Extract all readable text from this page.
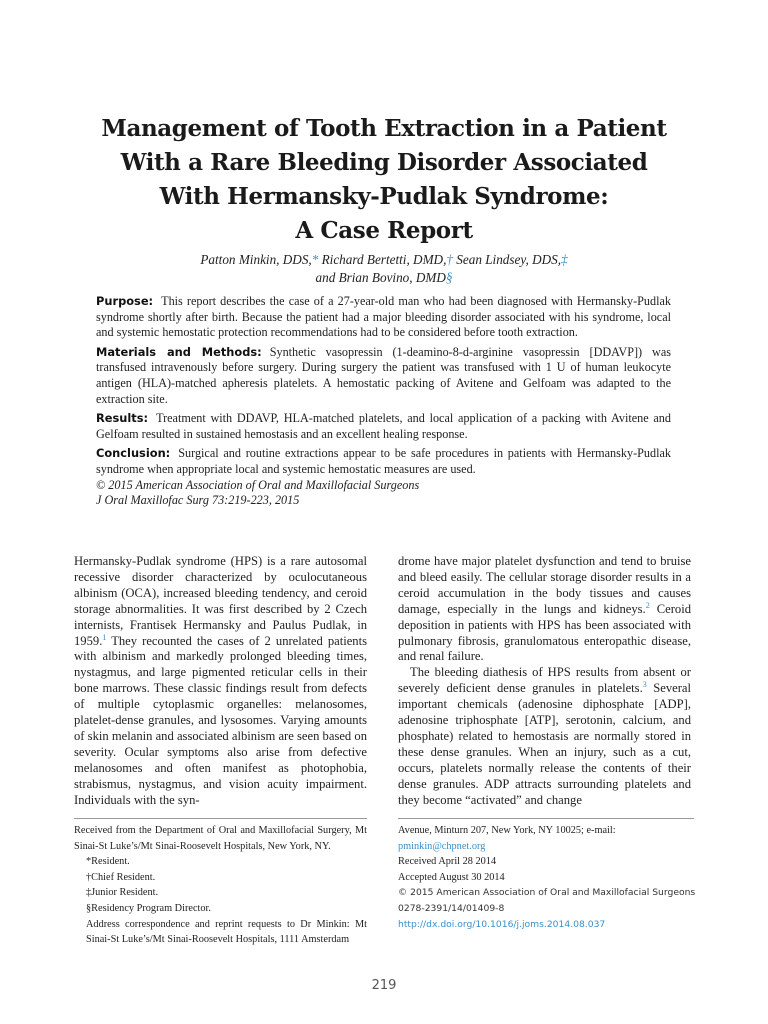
Management of Tooth Extraction in a Patient
With a Rare Bleeding Disorder Associated
With Hermansky-Pudlak Syndrome:
A Case Report
Patton Minkin, DDS,* Richard Bertetti, DMD,† Sean Lindsey, DDS,‡
and Brian Bovino, DMD§

Purpose: This report describes the case of a 27-year-old man who had been diagnosed with Hermansky-Pudlak syndrome shortly after birth. Because the patient had a major bleeding disorder associated with his syndrome, local and systemic hemostatic protection recommendations had to be considered before tooth extraction.

Materials and Methods: Synthetic vasopressin (1-deamino-8-d-arginine vasopressin [DDAVP]) was transfused intravenously before surgery. During surgery the patient was transfused with 1 U of human leukocyte antigen (HLA)-matched apheresis platelets. A hemostatic packing of Avitene and Gelfoam was adapted to the extraction site.

Results: Treatment with DDAVP, HLA-matched platelets, and local application of a packing with Avitene and Gelfoam resulted in sustained hemostasis and an excellent healing response.

Conclusion: Surgical and routine extractions appear to be safe procedures in patients with Hermansky-Pudlak syndrome when appropriate local and systemic hemostatic measures are used.

© 2015 American Association of Oral and Maxillofacial Surgeons
J Oral Maxillofac Surg 73:219-223, 2015

Hermansky-Pudlak syndrome (HPS) is a rare autosomal recessive disorder characterized by oculocutaneous albinism (OCA), increased bleeding tendency, and ceroid storage abnormalities. It was first described by 2 Czech internists, Frantisek Hermansky and Paulus Pudlak, in 1959.$^1$ They recounted the cases of 2 unrelated patients with albinism and markedly prolonged bleeding times, nystagmus, and large pigmented reticular cells in their bone marrows. These classic findings result from defects of multiple cytoplasmic organelles: melanosomes, platelet-dense granules, and lysosomes. Varying amounts of skin melanin and associated albinism are seen based on severity. Ocular symptoms also arise from defective melanosomes and often manifest as photophobia, strabismus, nystagmus, and vision acuity impairment. Individuals with the syn-

drome have major platelet dysfunction and tend to bruise and bleed easily. The cellular storage disorder results in a ceroid accumulation in the body tissues and causes damage, especially in the lungs and kidneys.$^2$ Ceroid deposition in patients with HPS has been associated with pulmonary fibrosis, granulomatous enteropathic disease, and renal failure.

The bleeding diathesis of HPS results from absent or severely deficient dense granules in platelets.$^3$ Several important chemicals (adenosine diphosphate [ADP], adenosine triphosphate [ATP], serotonin, calcium, and phosphate) related to hemostasis are normally stored in these dense granules. When an injury, such as a cut, occurs, platelets normally release the contents of their dense granules. ADP attracts surrounding platelets and they become “activated” and change

Received from the Department of Oral and Maxillofacial Surgery, Mt Sinai-St Luke’s/Mt Sinai-Roosevelt Hospitals, New York, NY.
*Resident.
†Chief Resident.
‡Junior Resident.
§Residency Program Director.
Address correspondence and reprint requests to Dr Minkin: Mt Sinai-St Luke’s/Mt Sinai-Roosevelt Hospitals, 1111 Amsterdam
Avenue, Minturn 207, New York, NY 10025; e-mail: pminkin@chpnet.org
Received April 28 2014
Accepted August 30 2014
© 2015 American Association of Oral and Maxillofacial Surgeons
0278-2391/14/01409-8
http://dx.doi.org/10.1016/j.joms.2014.08.037
219
